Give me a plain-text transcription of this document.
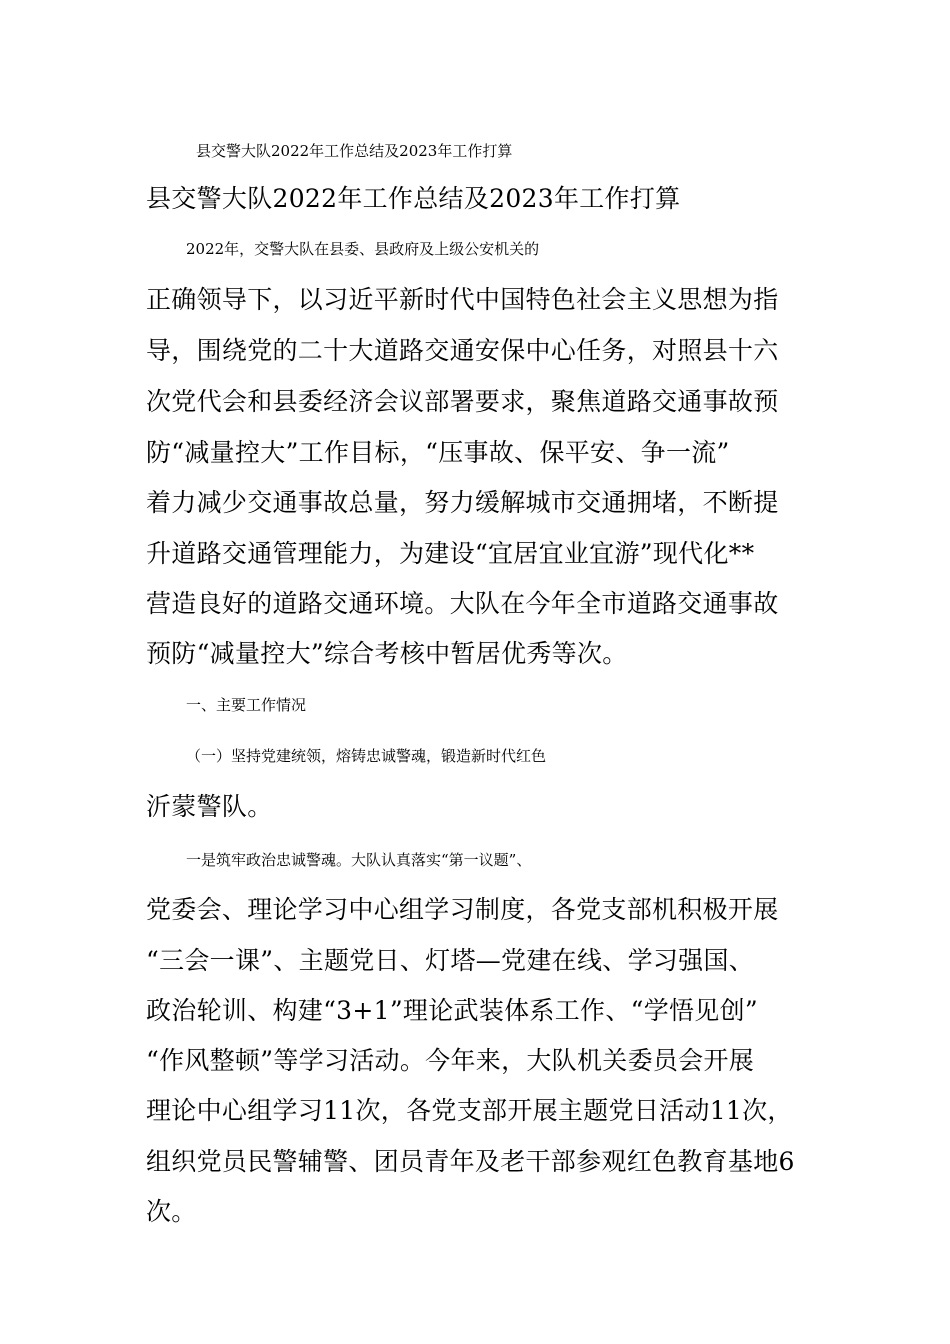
县交警大队2022年工作总结及2023年工作打算
县交警大队2022年工作总结及2023年工作打算
2022年，交警大队在县委、县政府及上级公安机关的
正确领导下，以习近平新时代中国特色社会主义思想为指
导，围绕党的二十大道路交通安保中心任务，对照县十六
次党代会和县委经济会议部署要求，聚焦道路交通事故预
防“减量控大”工作目标，“压事故、保平安、争一流”
着力减少交通事故总量，努力缓解城市交通拥堵，不断提
升道路交通管理能力，为建设“宜居宜业宜游”现代化**
营造良好的道路交通环境。大队在今年全市道路交通事故
预防“减量控大”综合考核中暂居优秀等次。
一、主要工作情况
（一）坚持党建统领，熔铸忠诚警魂，锻造新时代红色
沂蒙警队。
一是筑牢政治忠诚警魂。大队认真落实“第一议题”、
党委会、理论学习中心组学习制度，各党支部机积极开展
“三会一课”、主题党日、灯塔—党建在线、学习强国、
政治轮训、构建“3+1”理论武装体系工作、“学悟见创”
“作风整顿”等学习活动。今年来，大队机关委员会开展
理论中心组学习11次，各党支部开展主题党日活动11次，
组织党员民警辅警、团员青年及老干部参观红色教育基地6
次。
